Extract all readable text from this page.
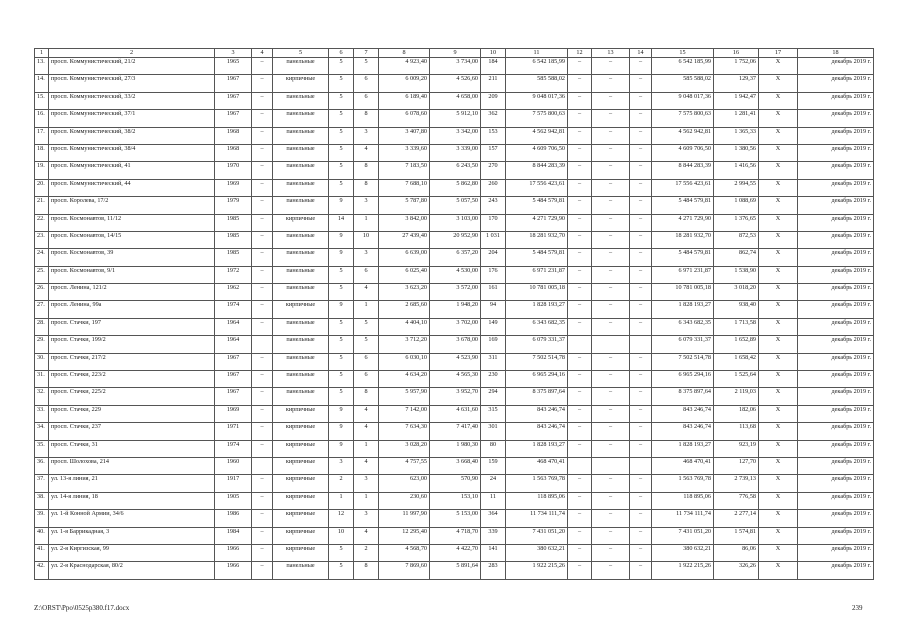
1	2	3	4	5	6	7	8	9	10	11	12	13	14	15	16	17	18
13.	просп. Коммунистический, 21/2	1965	–	панельные	5	5	4 923,40	3 734,00	184	6 542 185,99	–	–	–	6 542 185,99	1 752,06	Х	декабрь 2019 г.
14.	просп. Коммунистический, 27/3	1967	–	кирпичные	5	6	6 009,20	4 526,60	211	585 588,02	–	–	–	585 588,02	129,37	Х	декабрь 2019 г.
15.	просп. Коммунистический, 33/2	1967	–	панельные	5	6	6 189,40	4 658,00	209	9 048 017,36	–	–	–	9 048 017,36	1 942,47	Х	декабрь 2019 г.
16.	просп. Коммунистический, 37/1	1967	–	панельные	5	8	6 078,60	5 912,10	362	7 575 800,63	–	–	–	7 575 800,63	1 281,41	Х	декабрь 2019 г.
17.	просп. Коммунистический, 38/2	1968	–	панельные	5	3	3 407,80	3 342,00	153	4 562 942,81	–	–	–	4 562 942,81	1 365,33	Х	декабрь 2019 г.
18.	просп. Коммунистический, 38/4	1968	–	панельные	5	4	3 339,60	3 339,00	157	4 609 706,50	–	–	–	4 609 706,50	1 380,56	Х	декабрь 2019 г.
19.	просп. Коммунистический, 41	1970	–	панельные	5	8	7 183,50	6 243,50	270	8 844 283,39	–	–	–	8 844 283,39	1 416,56	Х	декабрь 2019 г.
20.	просп. Коммунистический, 44	1969	–	панельные	5	8	7 688,10	5 862,80	260	17 556 423,61	–	–	–	17 556 423,61	2 994,55	Х	декабрь 2019 г.
21.	просп. Королева, 17/2	1979	–	панельные	9	3	5 787,80	5 057,50	243	5 484 579,81	–	–	–	5 484 579,81	1 088,69	Х	декабрь 2019 г.
22.	просп. Космонавтов, 11/12	1985	–	кирпичные	14	1	3 842,00	3 103,00	170	4 271 729,90	–	–	–	4 271 729,90	1 376,65	Х	декабрь 2019 г.
23.	просп. Космонавтов, 14/15	1985	–	панельные	9	10	27 439,40	20 952,90	1 031	18 281 932,70	–	–	–	18 281 932,70	872,53	Х	декабрь 2019 г.
24.	просп. Космонавтов, 39	1985	–	панельные	9	3	6 639,00	6 357,20	204	5 484 579,81	–	–	–	5 484 579,81	862,74	Х	декабрь 2019 г.
25.	просп. Космонавтов, 9/1	1972	–	панельные	5	6	6 025,40	4 530,00	176	6 971 231,87	–	–	–	6 971 231,87	1 538,90	Х	декабрь 2019 г.
26.	просп. Ленина, 121/2	1962	–	панельные	5	4	3 623,20	3 572,00	161	10 781 005,18	–	–	–	10 781 005,18	3 018,20	Х	декабрь 2019 г.
27.	просп. Ленина, 99а	1974	–	кирпичные	9	1	2 685,60	1 948,20	94	1 828 193,27	–	–	–	1 828 193,27	938,40	Х	декабрь 2019 г.
28.	просп. Стачки, 197	1964	–	панельные	5	5	4 404,10	3 702,00	149	6 343 682,35	–	–	–	6 343 682,35	1 713,58	Х	декабрь 2019 г.
29.	просп. Стачки, 199/2	1964		панельные	5	5	3 712,20	3 678,00	169	6 079 331,37				6 079 331,37	1 652,89	Х	декабрь 2019 г.
30.	просп. Стачки, 217/2	1967	–	панельные	5	6	6 030,10	4 523,90	311	7 502 514,78	–	–	–	7 502 514,78	1 658,42	Х	декабрь 2019 г.
31.	просп. Стачки, 223/2	1967	–	панельные	5	6	4 634,20	4 565,30	230	6 965 294,16	–	–	–	6 965 294,16	1 525,64	Х	декабрь 2019 г.
32.	просп. Стачки, 225/2	1967	–	панельные	5	8	5 957,90	3 952,70	294	8 375 897,64	–	–	–	8 375 897,64	2 119,03	Х	декабрь 2019 г.
33.	просп. Стачки, 229	1969	–	кирпичные	9	4	7 142,00	4 631,60	315	843 246,74	–	–	–	843 246,74	182,06	Х	декабрь 2019 г.
34.	просп. Стачки, 237	1971	–	кирпичные	9	4	7 634,30	7 417,40	301	843 246,74	–	–	–	843 246,74	113,68	Х	декабрь 2019 г.
35.	просп. Стачки, 31	1974	–	кирпичные	9	1	3 028,20	1 980,30	80	1 828 193,27	–	–	–	1 828 193,27	923,19	Х	декабрь 2019 г.
36.	просп. Шолохова, 214	1960		кирпичные	3	4	4 757,55	3 668,40	159	468 470,41				468 470,41	127,70	Х	декабрь 2019 г.
37.	ул. 13-я линия, 21	1917	–	кирпичные	2	3	623,00	570,90	24	1 563 769,78	–	–	–	1 563 769,78	2 739,13	Х	декабрь 2019 г.
38.	ул. 14-я линия, 18	1905	–	кирпичные	1	1	230,60	153,10	11	118 895,06	–	–	–	118 895,06	776,58	Х	декабрь 2019 г.
39.	ул. 1-й Конной Армии, 34/6	1986	–	кирпичные	12	3	11 997,90	5 153,00	364	11 734 111,74	–	–	–	11 734 111,74	2 277,14	Х	декабрь 2019 г.
40.	ул. 1-я Баррикадная, 3	1984	–	кирпичные	10	4	12 295,40	4 718,70	339	7 431 051,20	–	–	–	7 431 051,20	1 574,81	Х	декабрь 2019 г.
41.	ул. 2-я Киргизская, 99	1966	–	кирпичные	5	2	4 568,70	4 422,70	141	380 632,21	–	–	–	380 632,21	86,06	Х	декабрь 2019 г.
42.	ул. 2-я Краснодарская, 80/2	1966	–	панельные	5	8	7 869,60	5 891,64	283	1 922 215,26	–	–	–	1 922 215,26	326,26	Х	декабрь 2019 г.
Z:\ORST\Ppo\0525p380.f17.docx	239
